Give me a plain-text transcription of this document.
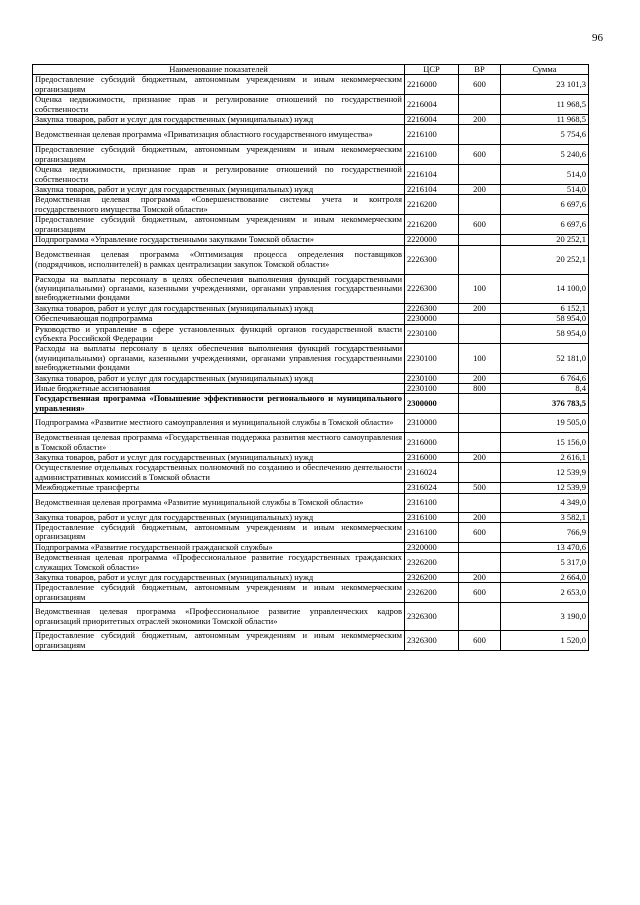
96
Наименование показателей	ЦСР	ВР	Сумма
Предоставление субсидий бюджетным, автономным учреждениям и иным некоммерческим организациям	2216000	600	23 101,3
Оценка недвижимости, признание прав и регулирование отношений по государственной собственности	2216004		11 968,5
Закупка товаров, работ и услуг для государственных (муниципальных) нужд	2216004	200	11 968,5
Ведомственная целевая программа «Приватизация областного государственного имущества»	2216100		5 754,6
Предоставление субсидий бюджетным, автономным учреждениям и иным некоммерческим организациям	2216100	600	5 240,6
Оценка недвижимости, признание прав и регулирование отношений по государственной собственности	2216104		514,0
Закупка товаров, работ и услуг для государственных (муниципальных) нужд	2216104	200	514,0
Ведомственная целевая программа «Совершенствование системы учета и контроля государственного имущества Томской области»	2216200		6 697,6
Предоставление субсидий бюджетным, автономным учреждениям и иным некоммерческим организациям	2216200	600	6 697,6
Подпрограмма «Управление государственными закупками Томской области»	2220000		20 252,1
Ведомственная целевая программа «Оптимизация процесса определения поставщиков (подрядчиков, исполнителей) в рамках централизации закупок Томской области»	2226300		20 252,1
Расходы на выплаты персоналу в целях обеспечения выполнения функций государственными (муниципальными) органами, казенными учреждениями, органами управления государственными внебюджетными фондами	2226300	100	14 100,0
Закупка товаров, работ и услуг для государственных (муниципальных) нужд	2226300	200	6 152,1
Обеспечивающая подпрограмма	2230000		58 954,0
Руководство и управление в сфере установленных функций органов государственной власти субъекта Российской Федерации	2230100		58 954,0
Расходы на выплаты персоналу в целях обеспечения выполнения функций государственными (муниципальными) органами, казенными учреждениями, органами управления государственными внебюджетными фондами	2230100	100	52 181,0
Закупка товаров, работ и услуг для государственных (муниципальных) нужд	2230100	200	6 764,6
Иные бюджетные ассигнования	2230100	800	8,4
Государственная программа «Повышение эффективности регионального и муниципального управления»	2300000		376 783,5
Подпрограмма «Развитие местного самоуправления и муниципальной службы в Томской области»	2310000		19 505,0
Ведомственная целевая программа «Государственная поддержка развития местного самоуправления в Томской области»	2316000		15 156,0
Закупка товаров, работ и услуг для государственных (муниципальных) нужд	2316000	200	2 616,1
Осуществление отдельных государственных полномочий по созданию и обеспечению деятельности административных комиссий в Томской области	2316024		12 539,9
Межбюджетные трансферты	2316024	500	12 539,9
Ведомственная целевая программа «Развитие муниципальной службы в Томской области»	2316100		4 349,0
Закупка товаров, работ и услуг для государственных (муниципальных) нужд	2316100	200	3 582,1
Предоставление субсидий бюджетным, автономным учреждениям и иным некоммерческим организациям	2316100	600	766,9
Подпрограмма «Развитие государственной гражданской службы»	2320000		13 470,6
Ведомственная целевая программа «Профессиональное развитие государственных гражданских служащих Томской области»	2326200		5 317,0
Закупка товаров, работ и услуг для государственных (муниципальных) нужд	2326200	200	2 664,0
Предоставление субсидий бюджетным, автономным учреждениям и иным некоммерческим организациям	2326200	600	2 653,0
Ведомственная целевая программа «Профессиональное развитие управленческих кадров организаций приоритетных отраслей экономики Томской области»	2326300		3 190,0
Предоставление субсидий бюджетным, автономным учреждениям и иным некоммерческим организациям	2326300	600	1 520,0
